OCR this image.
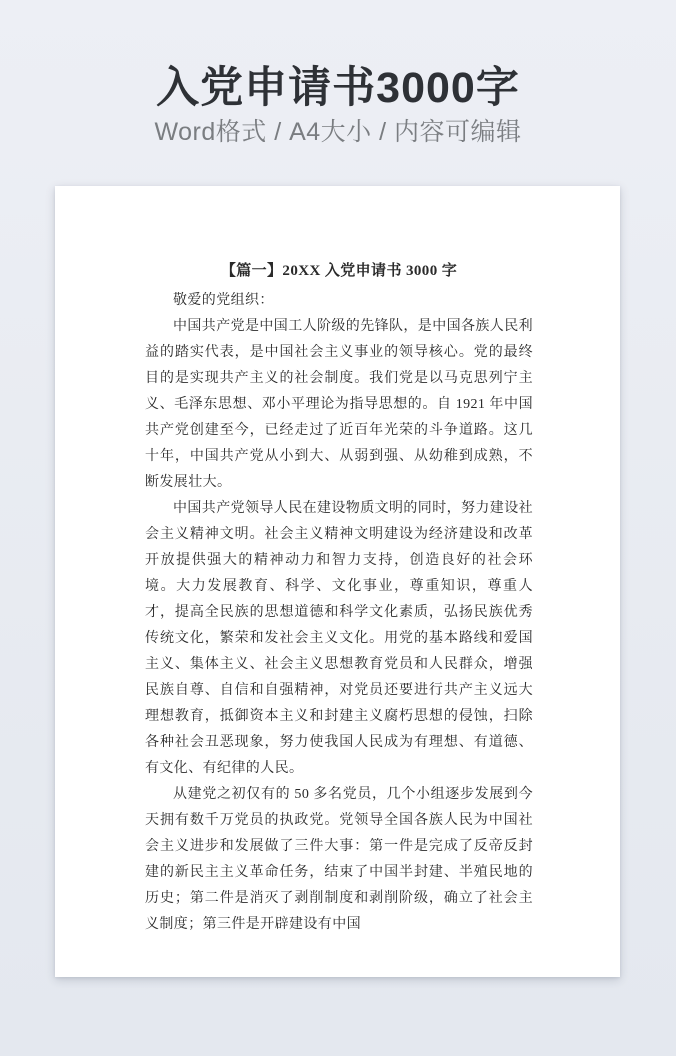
入党申请书3000字
Word格式 / A4大小 / 内容可编辑
【篇一】20XX 入党申请书 3000 字

敬爱的党组织：

中国共产党是中国工人阶级的先锋队，是中国各族人民利益的踏实代表，是中国社会主义事业的领导核心。党的最终目的是实现共产主义的社会制度。我们党是以马克思列宁主义、毛泽东思想、邓小平理论为指导思想的。自 1921 年中国共产党创建至今，已经走过了近百年光荣的斗争道路。这几十年，中国共产党从小到大、从弱到强、从幼稚到成熟，不断发展壮大。

中国共产党领导人民在建设物质文明的同时，努力建设社会主义精神文明。社会主义精神文明建设为经济建设和改革开放提供强大的精神动力和智力支持，创造良好的社会环境。大力发展教育、科学、文化事业，尊重知识，尊重人才，提高全民族的思想道德和科学文化素质，弘扬民族优秀传统文化，繁荣和发社会主义文化。用党的基本路线和爱国主义、集体主义、社会主义思想教育党员和人民群众，增强民族自尊、自信和自强精神，对党员还要进行共产主义远大理想教育，抵御资本主义和封建主义腐朽思想的侵蚀，扫除各种社会丑恶现象，努力使我国人民成为有理想、有道德、有文化、有纪律的人民。

从建党之初仅有的 50 多名党员，几个小组逐步发展到今天拥有数千万党员的执政党。党领导全国各族人民为中国社会主义进步和发展做了三件大事：第一件是完成了反帝反封建的新民主主义革命任务，结束了中国半封建、半殖民地的历史；第二件是消灭了剥削制度和剥削阶级，确立了社会主义制度；第三件是开辟建设有中国
